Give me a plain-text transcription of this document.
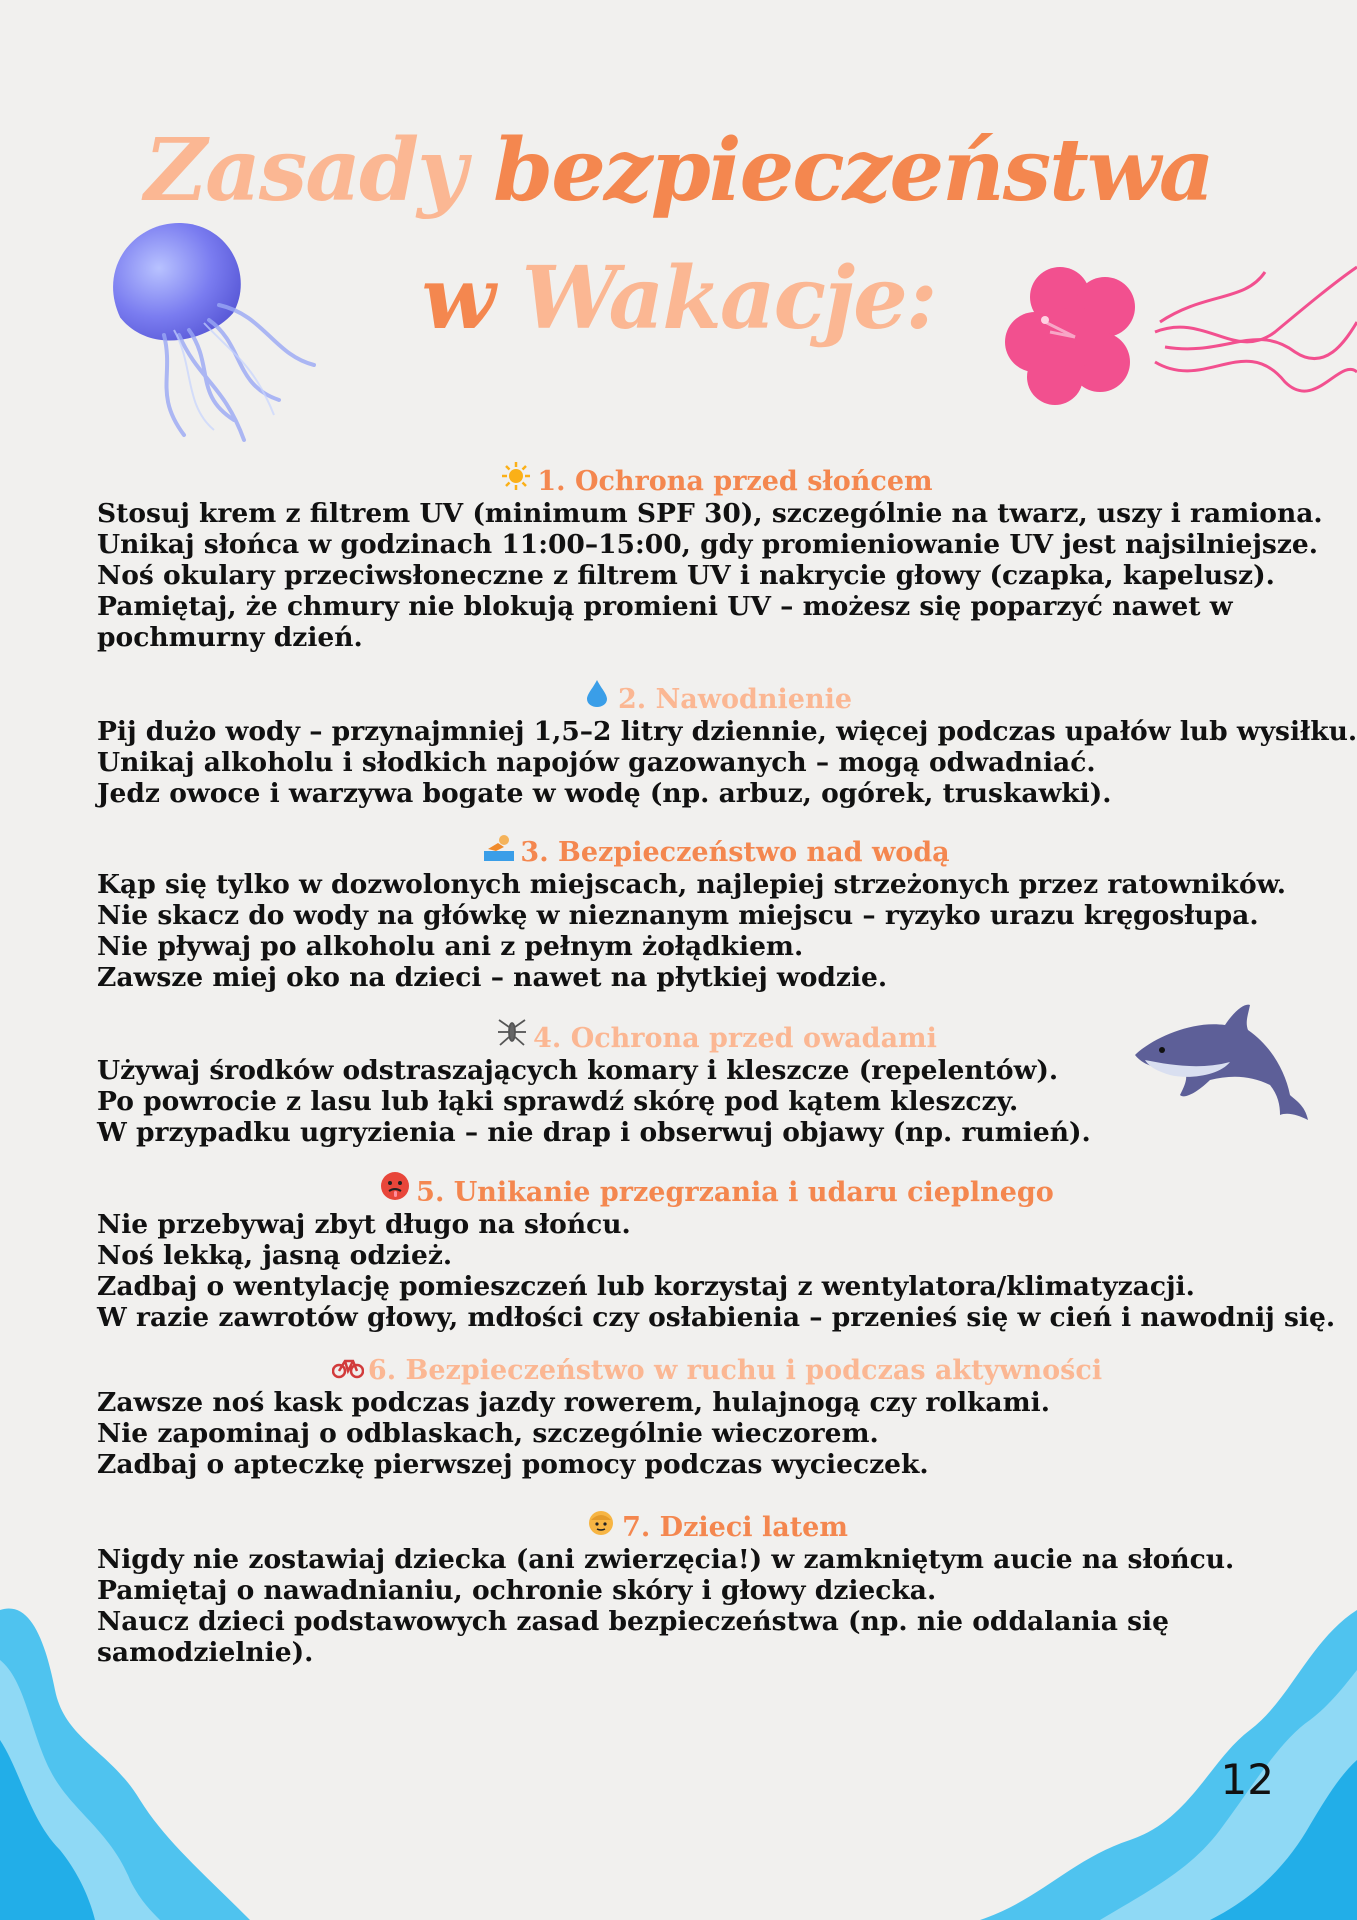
Zasady bezpieczeństwa
w Wakacje:
1. Ochrona przed słońcem
Stosuj krem z filtrem UV (minimum SPF 30), szczególnie na twarz, uszy i ramiona.
Unikaj słońca w godzinach 11:00–15:00, gdy promieniowanie UV jest najsilniejsze.
Noś okulary przeciwsłoneczne z filtrem UV i nakrycie głowy (czapka, kapelusz).
Pamiętaj, że chmury nie blokują promieni UV – możesz się poparzyć nawet w pochmurny dzień.
2. Nawodnienie
Pij dużo wody – przynajmniej 1,5–2 litry dziennie, więcej podczas upałów lub wysiłku.
Unikaj alkoholu i słodkich napojów gazowanych – mogą odwadniać.
Jedz owoce i warzywa bogate w wodę (np. arbuz, ogórek, truskawki).
3. Bezpieczeństwo nad wodą
Kąp się tylko w dozwolonych miejscach, najlepiej strzeżonych przez ratowników.
Nie skacz do wody na główkę w nieznanym miejscu – ryzyko urazu kręgosłupa.
Nie pływaj po alkoholu ani z pełnym żołądkiem.
Zawsze miej oko na dzieci – nawet na płytkiej wodzie.
4. Ochrona przed owadami
Używaj środków odstraszających komary i kleszcze (repelentów).
Po powrocie z lasu lub łąki sprawdź skórę pod kątem kleszczy.
W przypadku ugryzienia – nie drap i obserwuj objawy (np. rumień).
5. Unikanie przegrzania i udaru cieplnego
Nie przebywaj zbyt długo na słońcu.
Noś lekką, jasną odzież.
Zadbaj o wentylację pomieszczeń lub korzystaj z wentylatora/klimatyzacji.
W razie zawrotów głowy, mdłości czy osłabienia – przenieś się w cień i nawodnij się.
6. Bezpieczeństwo w ruchu i podczas aktywności
Zawsze noś kask podczas jazdy rowerem, hulajnogą czy rolkami.
Nie zapominaj o odblaskach, szczególnie wieczorem.
Zadbaj o apteczkę pierwszej pomocy podczas wycieczek.
7. Dzieci latem
Nigdy nie zostawiaj dziecka (ani zwierzęcia!) w zamkniętym aucie na słońcu.
Pamiętaj o nawadnianiu, ochronie skóry i głowy dziecka.
Naucz dzieci podstawowych zasad bezpieczeństwa (np. nie oddalania się samodzielnie).
12
